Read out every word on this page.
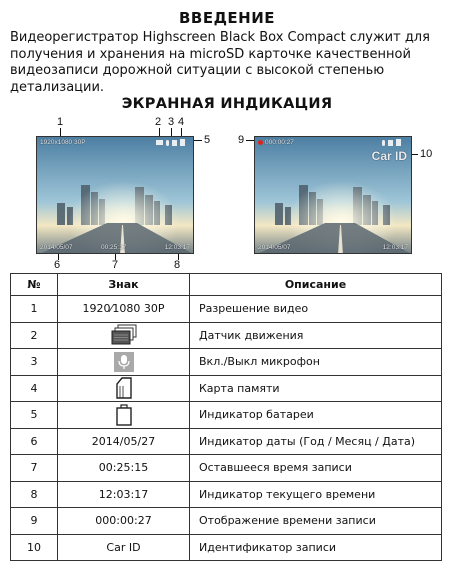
ВВЕДЕНИЕ
Видеорегистратор Highscreen Black Box Compact служит для получения и хранения на microSD карточке качественной видеозаписи дорожной ситуации с высокой степенью детализации.
ЭКРАННАЯ ИНДИКАЦИЯ
1	2 3 4
5
1920x1080 30P
2014/05/07	00:25:17	12:03:17
6	7	8
9
10
000:00:27
Car ID
2014/05/07	12:03:17
№	Знак	Описание
1	1920⁄1080 30P	Разрешение видео
2		Датчик движения
3		Вкл./Выкл микрофон
4		Карта памяти
5		Индикатор батареи
6	2014/05/27	Индикатор даты (Год / Месяц / Дата)
7	00:25:15	Оставшееся время записи
8	12:03:17	Индикатор текущего времени
9	000:00:27	Отображение времени записи
10	Car ID	Идентификатор записи
